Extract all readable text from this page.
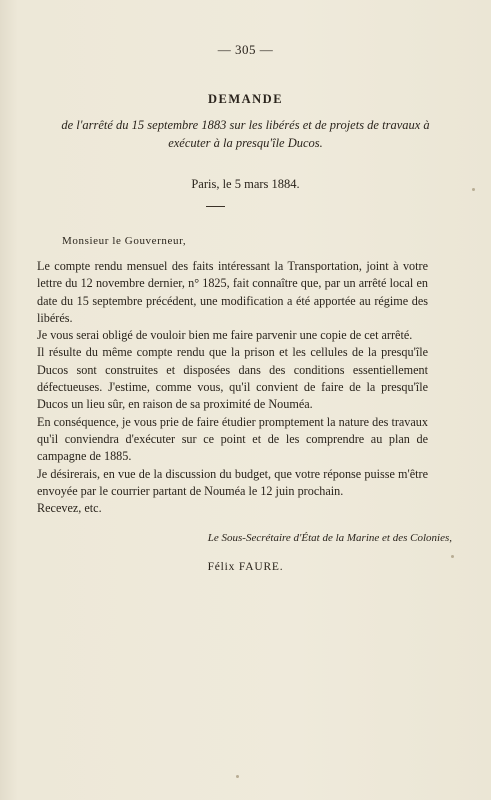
— 305 —
DEMANDE
de l'arrêté du 15 septembre 1883 sur les libérés et de projets de travaux à exécuter à la presqu'île Ducos.
Paris, le 5 mars 1884.
Monsieur le Gouverneur,

Le compte rendu mensuel des faits intéressant la Transportation, joint à votre lettre du 12 novembre dernier, n° 1825, fait connaître que, par un arrêté local en date du 15 septembre précédent, une modification a été apportée au régime des libérés.

Je vous serai obligé de vouloir bien me faire parvenir une copie de cet arrêté.

Il résulte du même compte rendu que la prison et les cellules de la presqu'île Ducos sont construites et disposées dans des conditions essentiellement défectueuses. J'estime, comme vous, qu'il convient de faire de la presqu'île Ducos un lieu sûr, en raison de sa proximité de Nouméa.

En conséquence, je vous prie de faire étudier promptement la nature des travaux qu'il conviendra d'exécuter sur ce point et de les comprendre au plan de campagne de 1885.

Je désirerais, en vue de la discussion du budget, que votre réponse puisse m'être envoyée par le courrier partant de Nouméa le 12 juin prochain.

Recevez, etc.

Le Sous-Secrétaire d'État de la Marine et des Colonies,
Félix FAURE.
